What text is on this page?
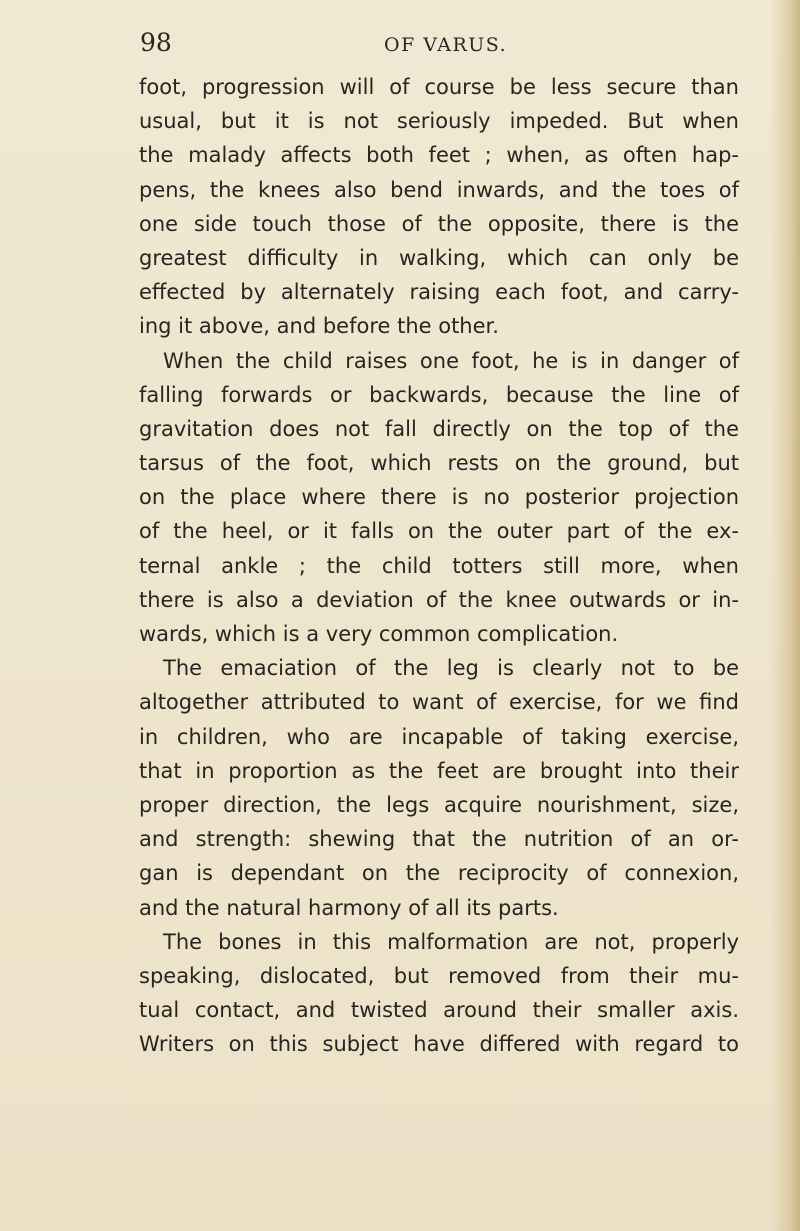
98	OF VARUS.
foot, progression will of course be less secure than
usual, but it is not seriously impeded. But when
the malady affects both feet ; when, as often hap-
pens, the knees also bend inwards, and the toes of
one side touch those of the opposite, there is the
greatest difficulty in walking, which can only be
effected by alternately raising each foot, and carry-
ing it above, and before the other.
When the child raises one foot, he is in danger of
falling forwards or backwards, because the line of
gravitation does not fall directly on the top of the
tarsus of the foot, which rests on the ground, but
on the place where there is no posterior projection
of the heel, or it falls on the outer part of the ex-
ternal ankle ; the child totters still more, when
there is also a deviation of the knee outwards or in-
wards, which is a very common complication.
The emaciation of the leg is clearly not to be
altogether attributed to want of exercise, for we find
in children, who are incapable of taking exercise,
that in proportion as the feet are brought into their
proper direction, the legs acquire nourishment, size,
and strength: shewing that the nutrition of an or-
gan is dependant on the reciprocity of connexion,
and the natural harmony of all its parts.
The bones in this malformation are not, properly
speaking, dislocated, but removed from their mu-
tual contact, and twisted around their smaller axis.
Writers on this subject have differed with regard to
